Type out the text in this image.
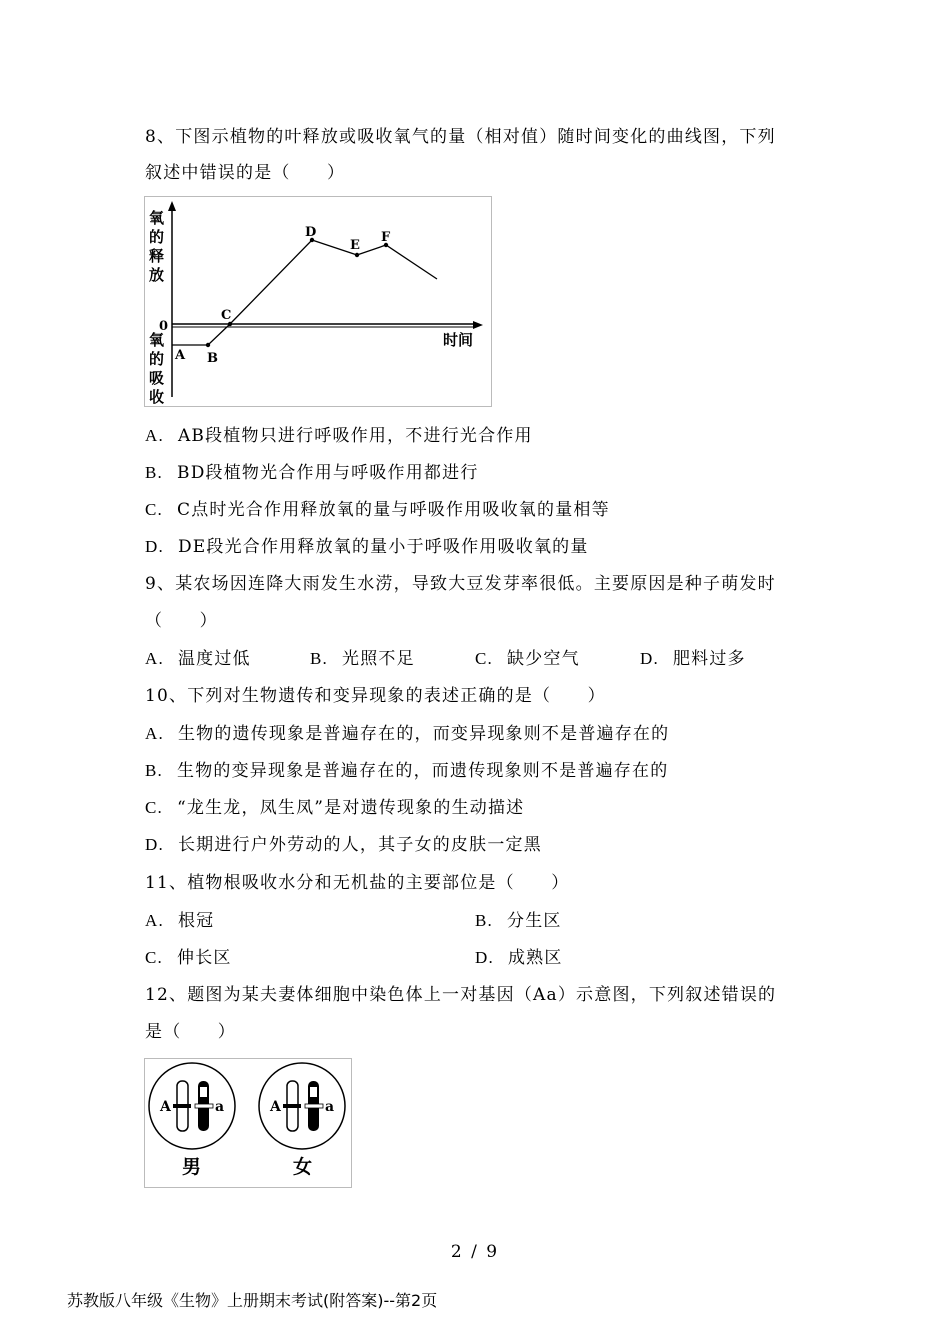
8、下图示植物的叶释放或吸收氧气的量（相对值）随时间变化的曲线图，下列
叙述中错误的是（　　）
氧
的
释
放
0
氧
的
吸
收
时间
A B
C
D
E
F
A. AB段植物只进行呼吸作用，不进行光合作用
B. BD段植物光合作用与呼吸作用都进行
C. C点时光合作用释放氧的量与呼吸作用吸收氧的量相等
D. DE段光合作用释放氧的量小于呼吸作用吸收氧的量
9、某农场因连降大雨发生水涝，导致大豆发芽率很低。主要原因是种子萌发时
（　　）
A. 温度过低	B. 光照不足	C. 缺少空气	D. 肥料过多
10、下列对生物遗传和变异现象的表述正确的是（　　）
A. 生物的遗传现象是普遍存在的，而变异现象则不是普遍存在的
B. 生物的变异现象是普遍存在的，而遗传现象则不是普遍存在的
C. “龙生龙，凤生凤”是对遗传现象的生动描述
D. 长期进行户外劳动的人，其子女的皮肤一定黑
11、植物根吸收水分和无机盐的主要部位是（　　）
A. 根冠	B. 分生区
C. 伸长区	D. 成熟区
12、题图为某夫妻体细胞中染色体上一对基因（Aa）示意图，下列叙述错误的
是（　　）
A	a	A	a
男	女
2 / 9
苏教版八年级《生物》上册期末考试(附答案)--第2页
